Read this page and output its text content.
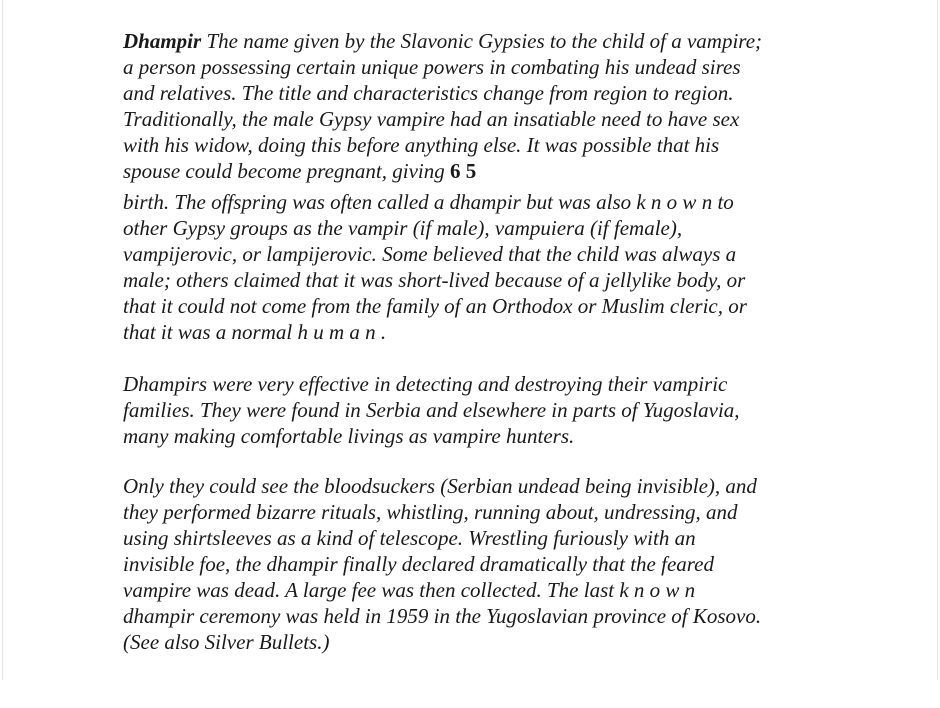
Dhampir The name given by the Slavonic Gypsies to the child of a vampire;
a person possessing certain unique powers in combating his undead sires
and relatives. The title and characteristics change from region to region.
Traditionally, the male Gypsy vampire had an insatiable need to have sex
with his widow, doing this before anything else. It was possible that his
spouse could become pregnant, giving 6 5

birth. The offspring was often called a dhampir but was also k n o w n to
other Gypsy groups as the vampir (if male), vampuiera (if female),
vampijerovic, or lampijerovic. Some believed that the child was always a
male; others claimed that it was short-lived because of a jellylike body, or
that it could not come from the family of an Orthodox or Muslim cleric, or
that it was a normal h u m a n .

Dhampirs were very effective in detecting and destroying their vampiric
families. They were found in Serbia and elsewhere in parts of Yugoslavia,
many making comfortable livings as vampire hunters.

Only they could see the bloodsuckers (Serbian undead being invisible), and
they performed bizarre rituals, whistling, running about, undressing, and
using shirtsleeves as a kind of telescope. Wrestling furiously with an
invisible foe, the dhampir finally declared dramatically that the feared
vampire was dead. A large fee was then collected. The last k n o w n
dhampir ceremony was held in 1959 in the Yugoslavian province of Kosovo.
(See also Silver Bullets.)
